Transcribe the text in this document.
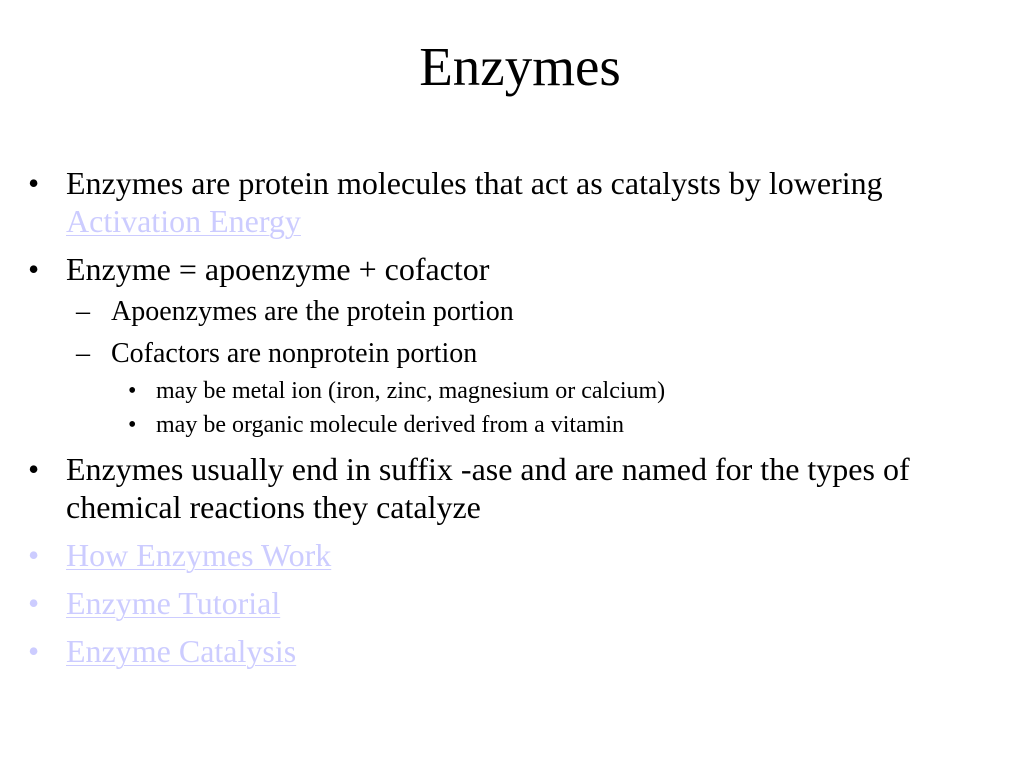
Enzymes
• Enzymes are protein molecules that act as catalysts by lowering Activation Energy
• Enzyme = apoenzyme + cofactor
– Apoenzymes are the protein portion
– Cofactors are nonprotein portion
• may be metal ion (iron, zinc, magnesium or calcium)
• may be organic molecule derived from a vitamin
• Enzymes usually end in suffix -ase and are named for the types of chemical reactions they catalyze
• How Enzymes Work
• Enzyme Tutorial
• Enzyme Catalysis
